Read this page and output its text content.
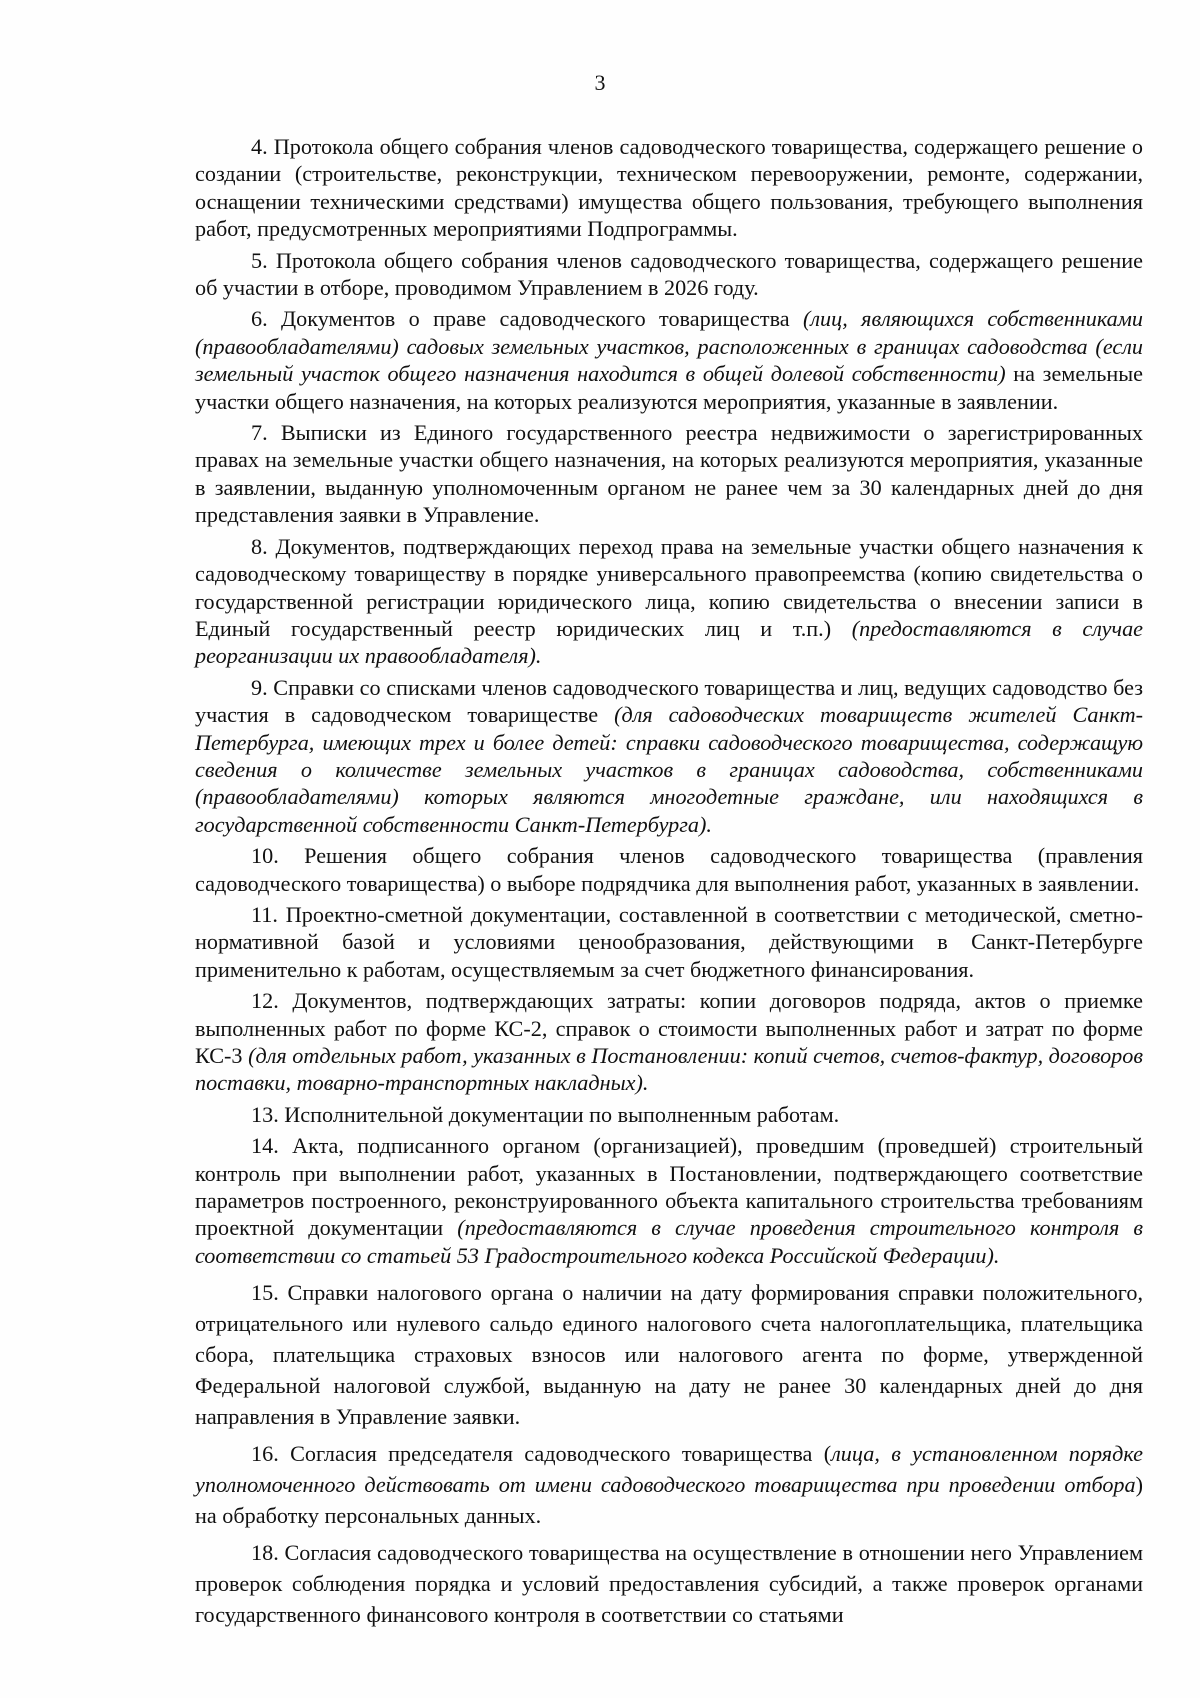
3

4. Протокола общего собрания членов садоводческого товарищества, содержащего решение о создании (строительстве, реконструкции, техническом перевооружении, ремонте, содержании, оснащении техническими средствами) имущества общего пользования, требующего выполнения работ, предусмотренных мероприятиями Подпрограммы.

5. Протокола общего собрания членов садоводческого товарищества, содержащего решение об участии в отборе, проводимом Управлением в 2026 году.

6. Документов о праве садоводческого товарищества (лиц, являющихся собственниками (правообладателями) садовых земельных участков, расположенных в границах садоводства (если земельный участок общего назначения находится в общей долевой собственности) на земельные участки общего назначения, на которых реализуются мероприятия, указанные в заявлении.

7. Выписки из Единого государственного реестра недвижимости о зарегистрированных правах на земельные участки общего назначения, на которых реализуются мероприятия, указанные в заявлении, выданную уполномоченным органом не ранее чем за 30 календарных дней до дня представления заявки в Управление.

8. Документов, подтверждающих переход права на земельные участки общего назначения к садоводческому товариществу в порядке универсального правопреемства (копию свидетельства о государственной регистрации юридического лица, копию свидетельства о внесении записи в Единый государственный реестр юридических лиц и т.п.) (предоставляются в случае реорганизации их правообладателя).

9. Справки со списками членов садоводческого товарищества и лиц, ведущих садоводство без участия в садоводческом товариществе (для садоводческих товариществ жителей Санкт-Петербурга, имеющих трех и более детей: справки садоводческого товарищества, содержащую сведения о количестве земельных участков в границах садоводства, собственниками (правообладателями) которых являются многодетные граждане, или находящихся в государственной собственности Санкт-Петербурга).

10. Решения общего собрания членов садоводческого товарищества (правления садоводческого товарищества) о выборе подрядчика для выполнения работ, указанных в заявлении.

11. Проектно-сметной документации, составленной в соответствии с методической, сметно-нормативной базой и условиями ценообразования, действующими в Санкт-Петербурге применительно к работам, осуществляемым за счет бюджетного финансирования.

12. Документов, подтверждающих затраты: копии договоров подряда, актов о приемке выполненных работ по форме КС-2, справок о стоимости выполненных работ и затрат по форме КС-3 (для отдельных работ, указанных в Постановлении: копий счетов, счетов-фактур, договоров поставки, товарно-транспортных накладных).

13. Исполнительной документации по выполненным работам.

14. Акта, подписанного органом (организацией), проведшим (проведшей) строительный контроль при выполнении работ, указанных в Постановлении, подтверждающего соответствие параметров построенного, реконструированного объекта капитального строительства требованиям проектной документации (предоставляются в случае проведения строительного контроля в соответствии со статьей 53 Градостроительного кодекса Российской Федерации).

15. Справки налогового органа о наличии на дату формирования справки положительного, отрицательного или нулевого сальдо единого налогового счета налогоплательщика, плательщика сбора, плательщика страховых взносов или налогового агента по форме, утвержденной Федеральной налоговой службой, выданную на дату не ранее 30 календарных дней до дня направления в Управление заявки.

16. Согласия председателя садоводческого товарищества (лица, в установленном порядке уполномоченного действовать от имени садоводческого товарищества при проведении отбора) на обработку персональных данных.

18. Согласия садоводческого товарищества на осуществление в отношении него Управлением проверок соблюдения порядка и условий предоставления субсидий, а также проверок органами государственного финансового контроля в соответствии со статьями
